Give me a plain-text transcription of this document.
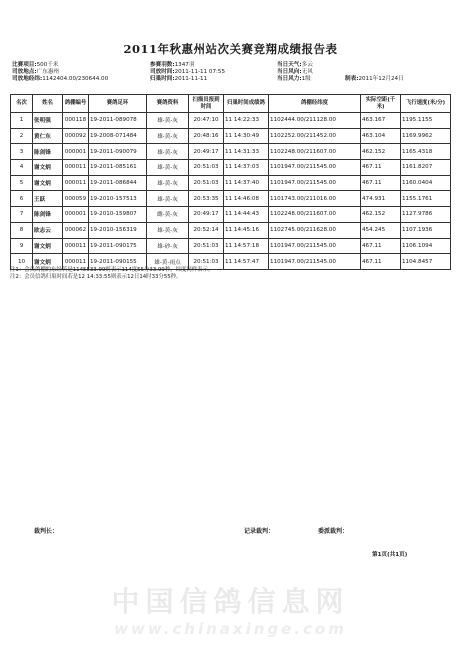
2011年秋惠州站次关赛竞翔成绩报告表
比赛项目:500千米	参赛羽数:1347羽	当日天气:多云
司放地点:广东惠州	司放时间:2011-11-11 07:55	当日风向:无风
司放地经纬:1142404.00/230644.00	归巢时间:2011-11-11	当日风力:1级	制表:2011年12月24日
名次	姓名	鸽棚编号	赛鸽足环	赛鸽资料	扫描员报到时间	归巢时间成绩鸽	鸽棚经纬度	实际空距(千米)	飞行速度(米/分)
1	张明强	000118	19-2011-089078	雄-黄-灰	20:47:10	11 14:22:33	1102444.00/211128.00	463.167	1195.1155
2	黄仁东	000092	19-2008-071484	雄-黄-灰	20:48:16	11 14:30:49	1102252.00/211452.00	463.104	1169.9962
3	陈剑锋	000001	19-2011-090079	雄-黄-灰	20:49:17	11 14:31:33	1102248.00/211607.00	462.152	1165.4318
4	谢文炳	000011	19-2011-085161	雄-黄-灰	20:51:03	11 14:37:03	1101947.00/211545.00	467.11	1161.8207
5	谢文炳	000011	19-2011-086844	雄-黄-灰	20:51:03	11 14:37:40	1101947.00/211545.00	467.11	1160.0404
6	王跃	000059	19-2010-157513	雄-黄-灰	20:53:35	11 14:46:08	1101743.00/211016.00	474.931	1155.1761
7	陈剑锋	000001	19-2010-159807	雌-黄-灰	20:49:17	11 14:44:43	1102248.00/211607.00	462.152	1127.9786
8	欧志云	000062	19-2010-156319	雄-黄-灰	20:52:14	11 14:45:16	1102745.00/211628.00	454.245	1107.1936
9	谢文炳	000011	19-2011-090175	雄-砂-灰	20:51:03	11 14:57:18	1101947.00/211545.00	467.11	1106.1094
10	谢文炳	000011	19-2011-090155	雄-黄-雨点	20:51:03	11 14:57:47	1101947.00/211545.00	467.11	1104.8457
注1：会员鸽棚的东经若是1145533.99则表示114度55分33.99秒，纬度同样表示。
注2：会员信鸽归巢时间若是12 14:33:55则表示12日14时33分55秒。
裁判长：	记录裁判：	委派裁判：
第1页(共1页)
中国信鸽信息网
www.chinaxinge.com
